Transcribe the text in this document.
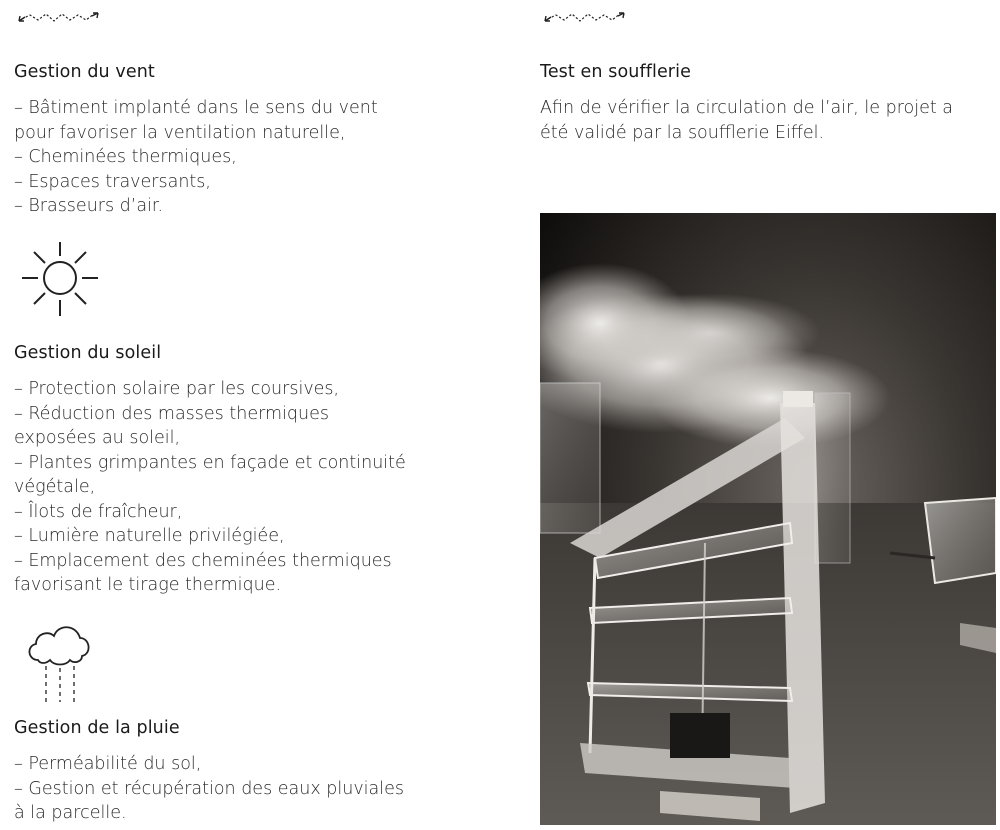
Gestion du vent
– Bâtiment implanté dans le sens du vent
pour favoriser la ventilation naturelle,
– Cheminées thermiques,
– Espaces traversants,
– Brasseurs d’air.
Gestion du soleil
– Protection solaire par les coursives,
– Réduction des masses thermiques
exposées au soleil,
– Plantes grimpantes en façade et continuité
végétale,
– Îlots de fraîcheur,
– Lumière naturelle privilégiée,
– Emplacement des cheminées thermiques
favorisant le tirage thermique.
Gestion de la pluie
– Perméabilité du sol,
– Gestion et récupération des eaux pluviales
à la parcelle.
Test en soufflerie
Afin de vérifier la circulation de l’air, le projet a
été validé par la soufflerie Eiffel.
